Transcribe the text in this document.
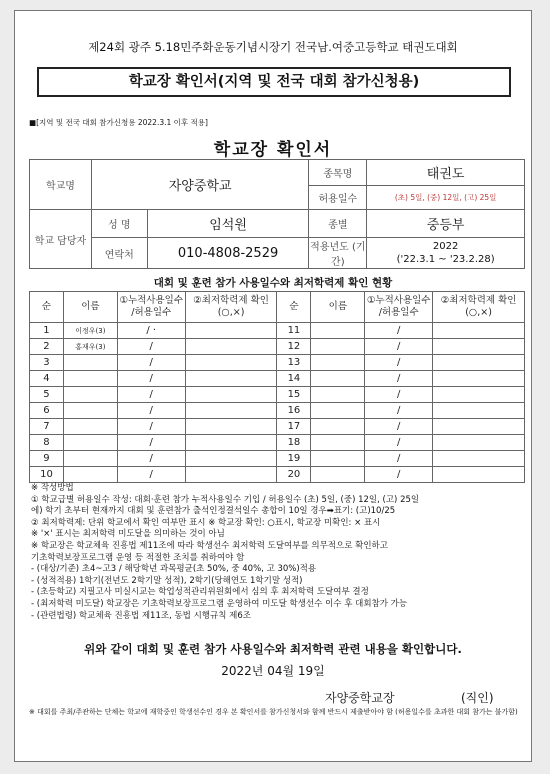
제24회 광주 5.18민주화운동기념시장기 전국남.여중고등학교 태권도대회
학교장 확인서(지역 및 전국 대회 참가신청용)
■[지역 및 전국 대회 참가신청용 2022.3.1 이후 적용]
학교장 확인서
학교명	자양중학교		종목명	태권도
			허용일수	(초) 5일, (중) 12일, (고) 25일
학교 담당자	성 명	임석원	종별	중등부
	연락처	010-4808-2529	적용년도 (기간)	2022
('22.3.1 ~ '23.2.28)
대회 및 훈련 참가 사용일수와 최저학력제 확인 현황
순	이름	①누적사용일수 /허용일수	②최저학력제 확인(○,×)	순	이름	①누적사용일수 /허용일수	②최저학력제 확인(○,×)
1	이정우(3)	/ ·		11		/	
2	홍재우(3)	/		12		/	
3		/		13		/	
4		/		14		/	
5		/		15		/	
6		/		16		/	
7		/		17		/	
8		/		18		/	
9		/		19		/	
10		/		20		/	
※ 작성방법
① 학교급별 허용일수 작성: 대회·훈련 참가 누적사용일수 기입 / 허용일수 (초) 5일, (중) 12일, (고) 25일
에) 학기 초부터 현재까지 대회 및 훈련참가 출석인정결석일수 총합이 10일 경우➡표기: (고)10/25
② 최저학력제: 단위 학교에서 확인 여부만 표시 ※ 학교장 확인: ○표시, 학교장 미확인: × 표시
※ '×' 표시는 최저학력 미도달을 의미하는 것이 아님
※ 학교장은 학교체육 진흥법 제11조에 따라 학생선수 최저학력 도달여부를 의무적으로 확인하고
기초학력보장프로그램 운영 등 적절한 조치를 취하여야 함
- (대상/기준) 초4~고3 / 해당학년 과목평균(초 50%, 중 40%, 고 30%)적용
- (성적적용) 1학기(전년도 2학기말 성적), 2학기(당해연도 1학기말 성적)
- (초등학교) 지필고사 미실시교는 학업성적관리위원회에서 심의 후 최저학력 도달여부 결정
- (최저학력 미도달) 학교장은 기초학력보장프로그램 운영하여 미도달 학생선수 이수 후 대회참가 가능
- (관련법령) 학교체육 진흥법 제11조, 동법 시행규칙 제6조
위와 같이 대회 및 훈련 참가 사용일수와 최저학력 관련 내용을 확인합니다.
2022년 04월 19일
자양중학교장	(직인)
※ 대회를 주최/주관하는 단체는 학교에 재학중인 학생선수인 경우 본 확인서를 참가신청서와 함께 반드시 제출받아야 함 (허용일수를 초과한 대회 참가는 불가함)
